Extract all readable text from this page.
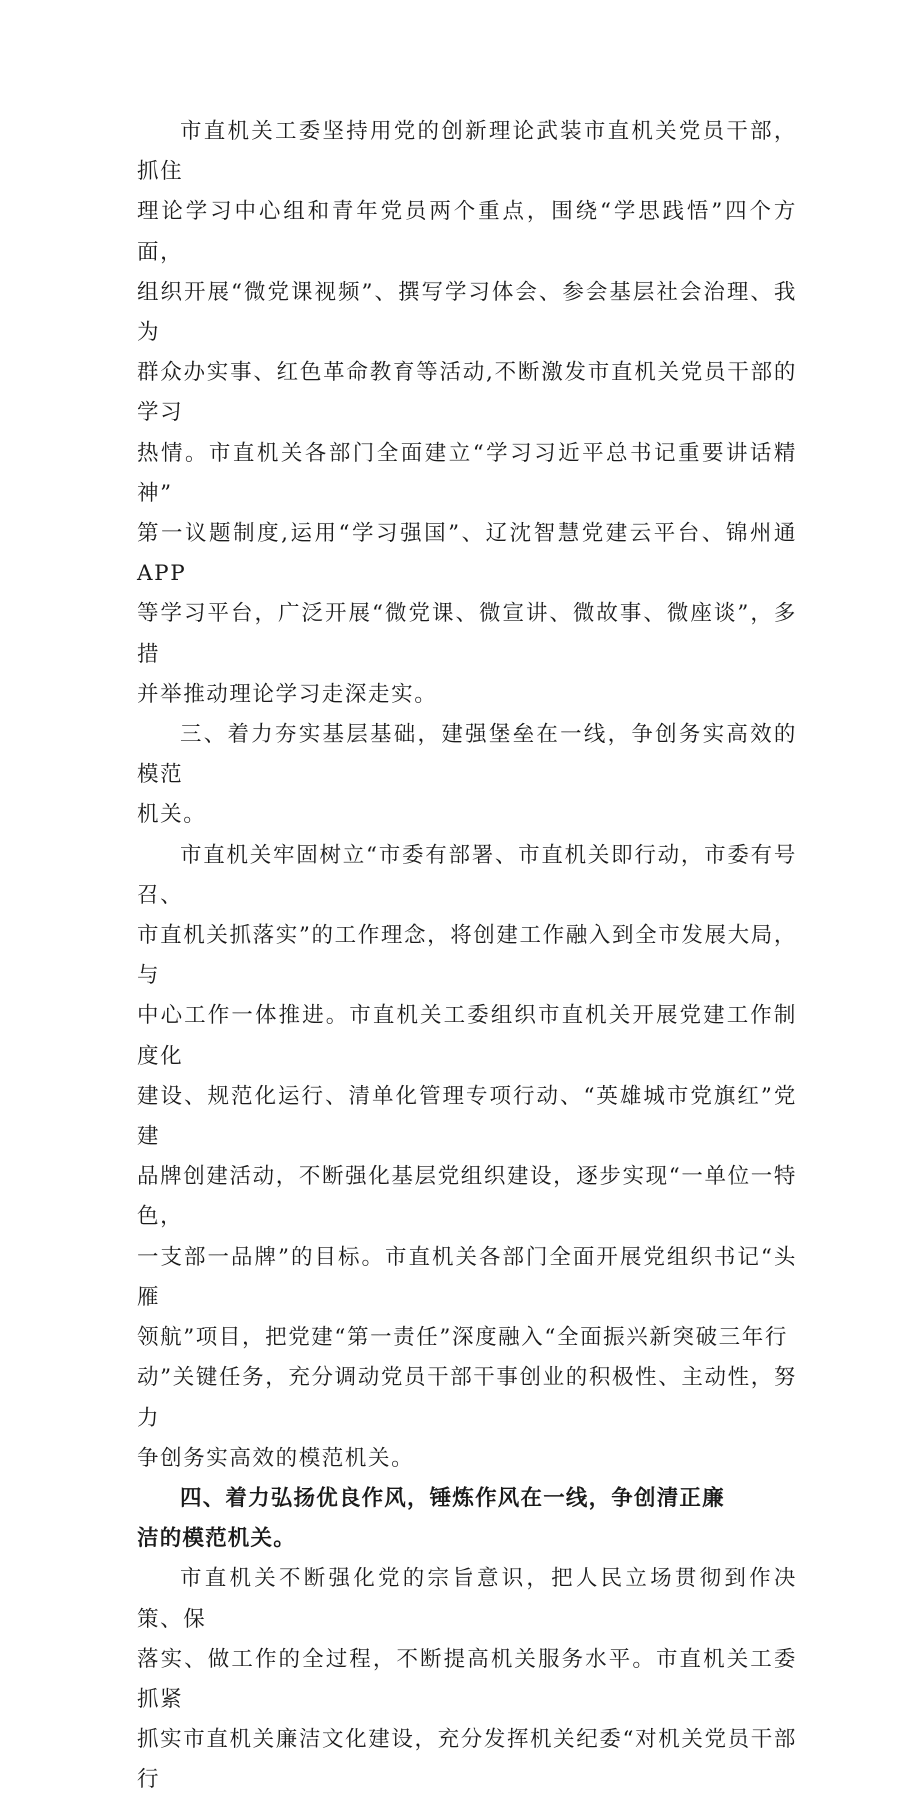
市直机关工委坚持用党的创新理论武装市直机关党员干部，抓住
理论学习中心组和青年党员两个重点，围绕“学思践悟”四个方面，
组织开展“微党课视频”、撰写学习体会、参会基层社会治理、我为
群众办实事、红色革命教育等活动,不断激发市直机关党员干部的学习
热情。市直机关各部门全面建立“学习习近平总书记重要讲话精神”
第一议题制度,运用“学习强国”、辽沈智慧党建云平台、锦州通APP
等学习平台，广泛开展“微党课、微宣讲、微故事、微座谈”，多措
并举推动理论学习走深走实。

三、着力夯实基层基础，建强堡垒在一线，争创务实高效的模范
机关。

市直机关牢固树立“市委有部署、市直机关即行动，市委有号召、
市直机关抓落实”的工作理念，将创建工作融入到全市发展大局，与
中心工作一体推进。市直机关工委组织市直机关开展党建工作制度化
建设、规范化运行、清单化管理专项行动、“英雄城市党旗红”党建
品牌创建活动，不断强化基层党组织建设，逐步实现“一单位一特色，
一支部一品牌”的目标。市直机关各部门全面开展党组织书记“头雁
领航”项目，把党建“第一责任”深度融入“全面振兴新突破三年行
动”关键任务，充分调动党员干部干事创业的积极性、主动性，努力
争创务实高效的模范机关。

四、着力弘扬优良作风，锤炼作风在一线，争创清正廉
洁的模范机关。

市直机关不断强化党的宗旨意识，把人民立场贯彻到作决策、保
落实、做工作的全过程，不断提高机关服务水平。市直机关工委抓紧
抓实市直机关廉洁文化建设，充分发挥机关纪委“对机关党员干部行
